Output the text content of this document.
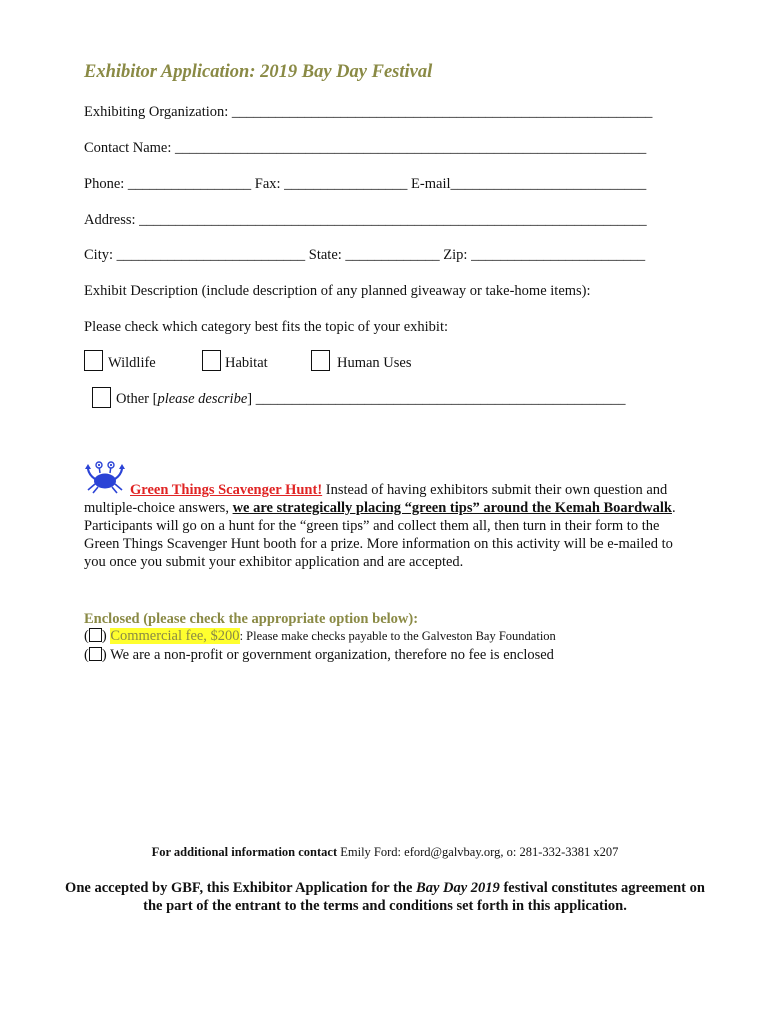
Exhibitor Application: 2019 Bay Day Festival
Exhibiting Organization: __________________________________________________________
Contact Name: _________________________________________________________________
Phone: _________________ Fax: _________________ E-mail___________________________
Address: ______________________________________________________________________
City: __________________________ State: _____________ Zip: ________________________
Exhibit Description (include description of any planned giveaway or take-home items):
Please check which category best fits the topic of your exhibit:
Wildlife	Habitat	Human Uses
Other [please describe] ___________________________________________________
Green Things Scavenger Hunt! Instead of having exhibitors submit their own question and multiple-choice answers, we are strategically placing “green tips” around the Kemah Boardwalk. Participants will go on a hunt for the “green tips” and collect them all, then turn in their form to the Green Things Scavenger Hunt booth for a prize. More information on this activity will be e-mailed to you once you submit your exhibitor application and are accepted.
Enclosed (please check the appropriate option below):
( ) Commercial fee, $200: Please make checks payable to the Galveston Bay Foundation
( ) We are a non-profit or government organization, therefore no fee is enclosed
For additional information contact Emily Ford: eford@galvbay.org, o: 281-332-3381 x207
One accepted by GBF, this Exhibitor Application for the Bay Day 2019 festival constitutes agreement on the part of the entrant to the terms and conditions set forth in this application.
